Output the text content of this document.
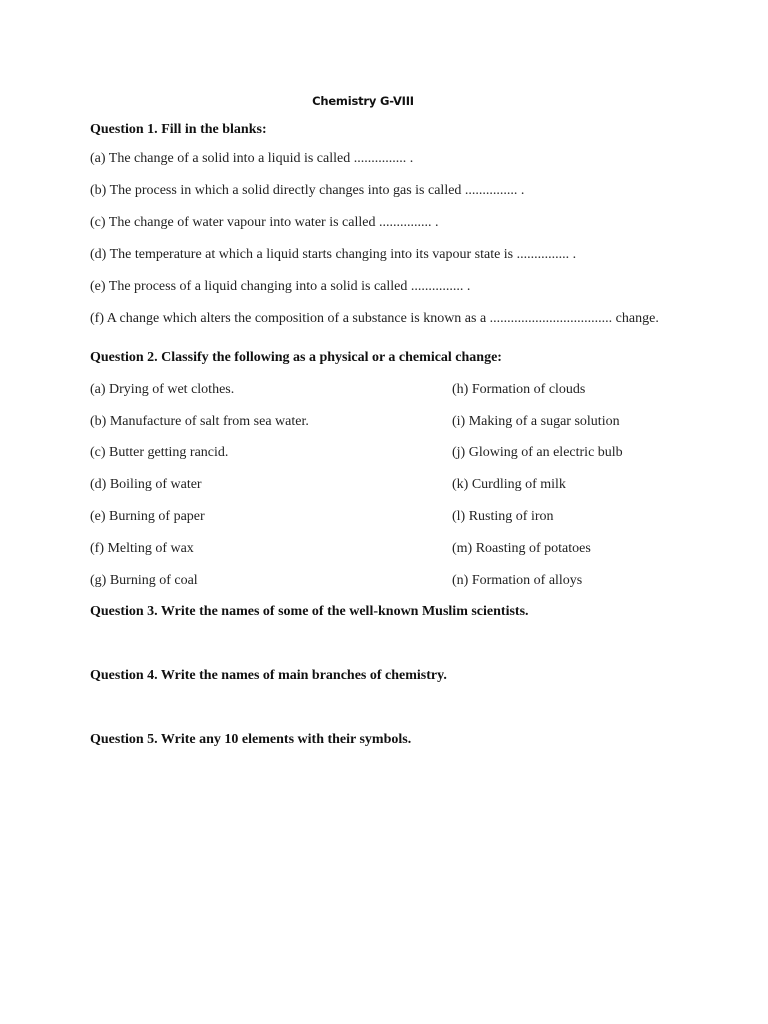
Chemistry G-VIII
Question 1. Fill in the blanks:
(a) The change of a solid into a liquid is called ............... .
(b) The process in which a solid directly changes into gas is called ............... .
(c) The change of water vapour into water is called ............... .
(d) The temperature at which a liquid starts changing into its vapour state is ............... .
(e) The process of a liquid changing into a solid is called ............... .
(f) A change which alters the composition of a substance is known as a ................................... change.
Question 2. Classify the following as a physical or a chemical change:
(a) Drying of wet clothes.
(b) Manufacture of salt from sea water.
(c) Butter getting rancid.
(d) Boiling of water
(e) Burning of paper
(f) Melting of wax
(g) Burning of coal
(h) Formation of clouds
(i) Making of a sugar solution
(j) Glowing of an electric bulb
(k) Curdling of milk
(l) Rusting of iron
(m) Roasting of potatoes
(n) Formation of alloys
Question 3. Write the names of some of the well-known Muslim scientists.
Question 4. Write the names of main branches of chemistry.
Question 5. Write any 10 elements with their symbols.
